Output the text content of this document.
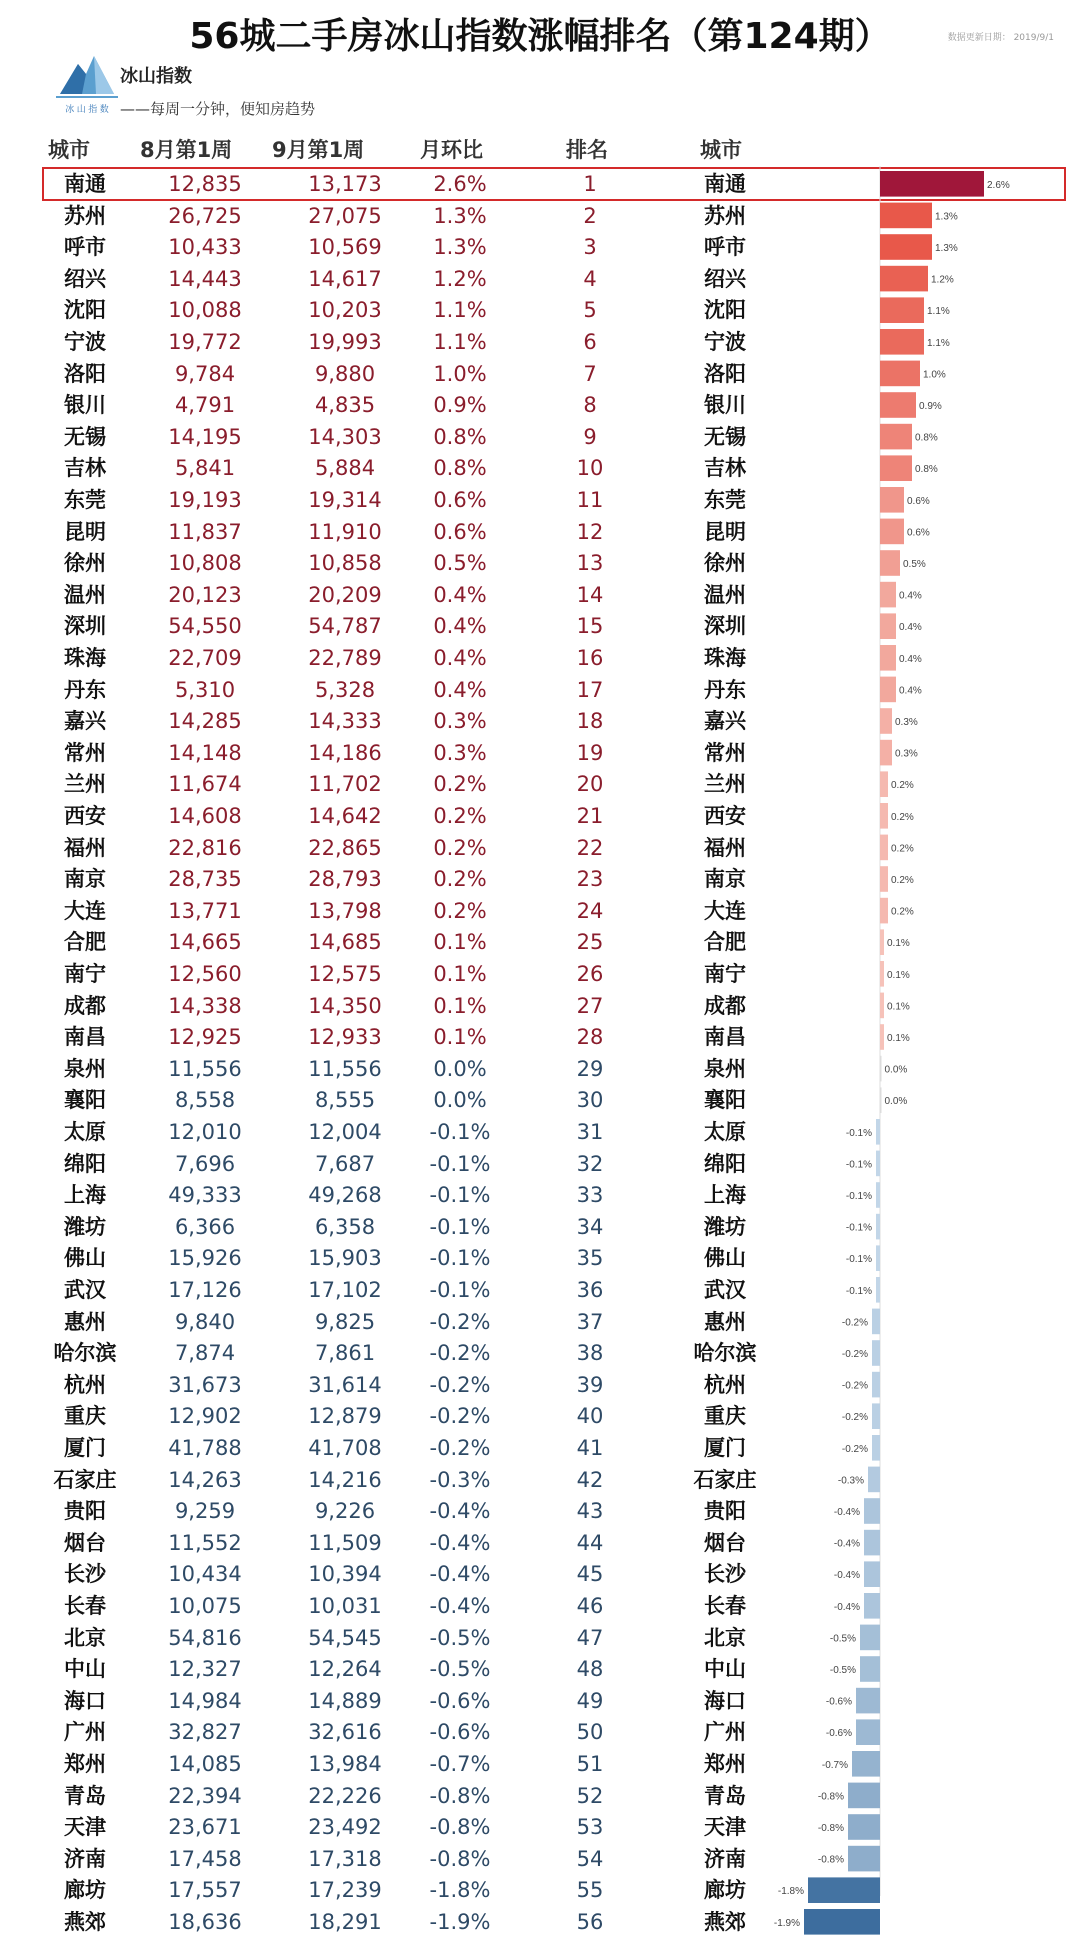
56城二手房冰山指数涨幅排名（第124期）	数据更新日期： 2019/9/1
冰 山 指 数
冰山指数
——每周一分钟，便知房趋势
城市 8月第1周 9月第1周	月环比	排名	城市
南通	12,835	13,173	2.6%	1	南通
苏州	26,725	27,075	1.3%	2	苏州
呼市	10,433	10,569	1.3%	3	呼市
绍兴	14,443	14,617	1.2%	4	绍兴
沈阳	10,088	10,203	1.1%	5	沈阳
宁波	19,772	19,993	1.1%	6	宁波
洛阳	9,784	9,880	1.0%	7	洛阳
银川	4,791	4,835	0.9%	8	银川
无锡	14,195	14,303	0.8%	9	无锡
吉林	5,841	5,884	0.8%	10	吉林
东莞	19,193	19,314	0.6%	11	东莞
昆明	11,837	11,910	0.6%	12	昆明
徐州	10,808	10,858	0.5%	13	徐州
温州	20,123	20,209	0.4%	14	温州
深圳	54,550	54,787	0.4%	15	深圳
珠海	22,709	22,789	0.4%	16	珠海
丹东	5,310	5,328	0.4%	17	丹东
嘉兴	14,285	14,333	0.3%	18	嘉兴
常州	14,148	14,186	0.3%	19	常州
兰州	11,674	11,702	0.2%	20	兰州
西安	14,608	14,642	0.2%	21	西安
福州	22,816	22,865	0.2%	22	福州
南京	28,735	28,793	0.2%	23	南京
大连	13,771	13,798	0.2%	24	大连
合肥	14,665	14,685	0.1%	25	合肥
南宁	12,560	12,575	0.1%	26	南宁
成都	14,338	14,350	0.1%	27	成都
南昌	12,925	12,933	0.1%	28	南昌
泉州	11,556	11,556	0.0%	29	泉州
襄阳	8,558	8,555	0.0%	30	襄阳
太原	12,010	12,004	-0.1%	31	太原
绵阳	7,696	7,687	-0.1%	32	绵阳
上海	49,333	49,268	-0.1%	33	上海
潍坊	6,366	6,358	-0.1%	34	潍坊
佛山	15,926	15,903	-0.1%	35	佛山
武汉	17,126	17,102	-0.1%	36	武汉
惠州	9,840	9,825	-0.2%	37	惠州
哈尔滨	7,874	7,861	-0.2%	38	哈尔滨
杭州	31,673	31,614	-0.2%	39	杭州
重庆	12,902	12,879	-0.2%	40	重庆
厦门	41,788	41,708	-0.2%	41	厦门
石家庄	14,263	14,216	-0.3%	42	石家庄
贵阳	9,259	9,226	-0.4%	43	贵阳
烟台	11,552	11,509	-0.4%	44	烟台
长沙	10,434	10,394	-0.4%	45	长沙
长春	10,075	10,031	-0.4%	46	长春
北京	54,816	54,545	-0.5%	47	北京
中山	12,327	12,264	-0.5%	48	中山
海口	14,984	14,889	-0.6%	49	海口
广州	32,827	32,616	-0.6%	50	广州
郑州	14,085	13,984	-0.7%	51	郑州
青岛	22,394	22,226	-0.8%	52	青岛
天津	23,671	23,492	-0.8%	53	天津
济南	17,458	17,318	-0.8%	54	济南
廊坊	17,557	17,239	-1.8%	55	廊坊
燕郊	18,636	18,291	-1.9%	56	燕郊
2.6%
1.3%
1.3%
1.2%
1.1%
1.1%
1.0%
0.9%
0.8%
0.8%
0.6%
0.6%
0.5%
0.4%
0.4%
0.4%
0.4%
0.3%
0.3%
0.2%
0.2%
0.2%
0.2%
0.2%
0.1%
0.1%
0.1%
0.1%
0.0%
0.0%
-0.1%
-0.1%
-0.1%
-0.1%
-0.1%
-0.1%
-0.2%
-0.2%
-0.2%
-0.2%
-0.2%
-0.3%
-0.4%
-0.4%
-0.4%
-0.4%
-0.5%
-0.5%
-0.6%
-0.6%
-0.7%
-0.8%
-0.8%
-0.8%
-1.8%
-1.9%
